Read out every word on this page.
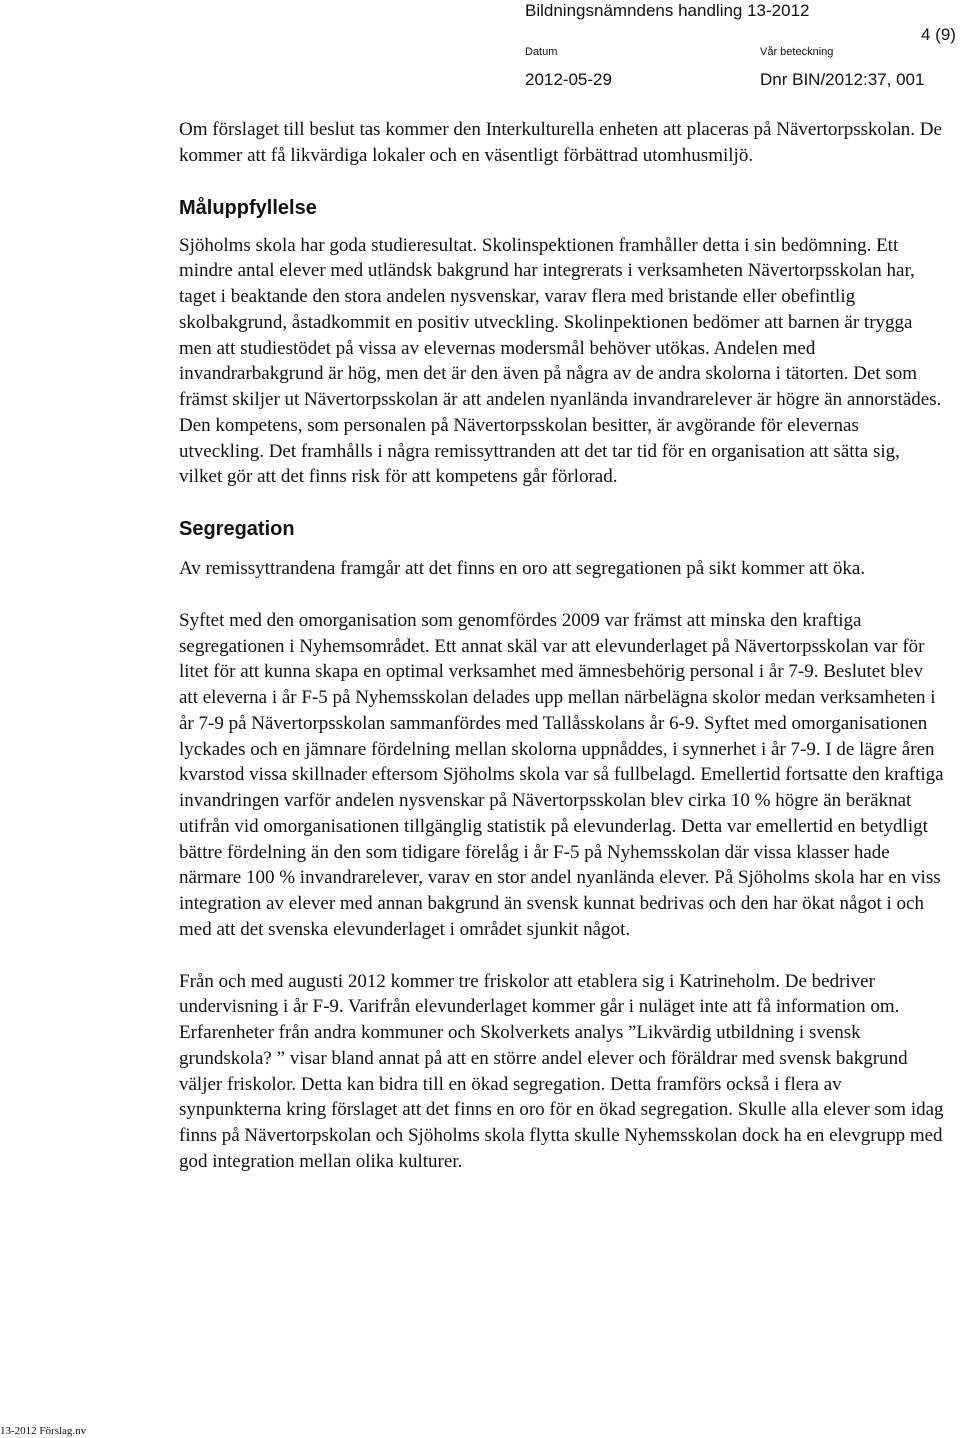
Bildningsnämndens handling 13-2012
4 (9)
Datum	Vår beteckning
2012-05-29	Dnr BIN/2012:37, 001

Om förslaget till beslut tas kommer den Interkulturella enheten att placeras på Nävertorpsskolan. De kommer att få likvärdiga lokaler och en väsentligt förbättrad utomhusmiljö.

Måluppfyllelse

Sjöholms skola har goda studieresultat. Skolinspektionen framhåller detta i sin bedömning. Ett mindre antal elever med utländsk bakgrund har integrerats i verksamheten Nävertorpsskolan har, taget i beaktande den stora andelen nysvenskar, varav flera med bristande eller obefintlig skolbakgrund, åstadkommit en positiv utveckling. Skolinpektionen bedömer att barnen är trygga men att studiestödet på vissa av elevernas modersmål behöver utökas. Andelen med invandrarbakgrund är hög, men det är den även på några av de andra skolorna i tätorten. Det som främst skiljer ut Nävertorpsskolan är att andelen nyanlända invandrarelever är högre än annorstädes. Den kompetens, som personalen på Nävertorpsskolan besitter, är avgörande för elevernas utveckling. Det framhålls i några remissyttranden att det tar tid för en organisation att sätta sig, vilket gör att det finns risk för att kompetens går förlorad.

Segregation

Av remissyttrandena framgår att det finns en oro att segregationen på sikt kommer att öka.

Syftet med den omorganisation som genomfördes 2009 var främst att minska den kraftiga segregationen i Nyhemsområdet. Ett annat skäl var att elevunderlaget på Nävertorpsskolan var för litet för att kunna skapa en optimal verksamhet med ämnesbehörig personal i år 7-9. Beslutet blev att eleverna i år F-5 på Nyhemsskolan delades upp mellan närbelägna skolor medan verksamheten i år 7-9 på Nävertorpsskolan sammanfördes med Tallåsskolans år 6-9. Syftet med omorganisationen lyckades och en jämnare fördelning mellan skolorna uppnåddes, i synnerhet i år 7-9. I de lägre åren kvarstod vissa skillnader eftersom Sjöholms skola var så fullbelagd. Emellertid fortsatte den kraftiga invandringen varför andelen nysvenskar på Nävertorpsskolan blev cirka 10 % högre än beräknat utifrån vid omorganisationen tillgänglig statistik på elevunderlag. Detta var emellertid en betydligt bättre fördelning än den som tidigare förelåg i år F-5 på Nyhemsskolan där vissa klasser hade närmare 100 % invandrarelever, varav en stor andel nyanlända elever. På Sjöholms skola har en viss integration av elever med annan bakgrund än svensk kunnat bedrivas och den har ökat något i och med att det svenska elevunderlaget i området sjunkit något.

Från och med augusti 2012 kommer tre friskolor att etablera sig i Katrineholm. De bedriver undervisning i år F-9. Varifrån elevunderlaget kommer går i nuläget inte att få information om. Erfarenheter från andra kommuner och Skolverkets analys ”Likvärdig utbildning i svensk grundskola? ” visar bland annat på att en större andel elever och föräldrar med svensk bakgrund väljer friskolor. Detta kan bidra till en ökad segregation. Detta framförs också i flera av synpunkterna kring förslaget att det finns en oro för en ökad segregation. Skulle alla elever som idag finns på Nävertorpskolan och Sjöholms skola flytta skulle Nyhemsskolan dock ha en elevgrupp med god integration mellan olika kulturer.

13-2012 Förslag.nv
